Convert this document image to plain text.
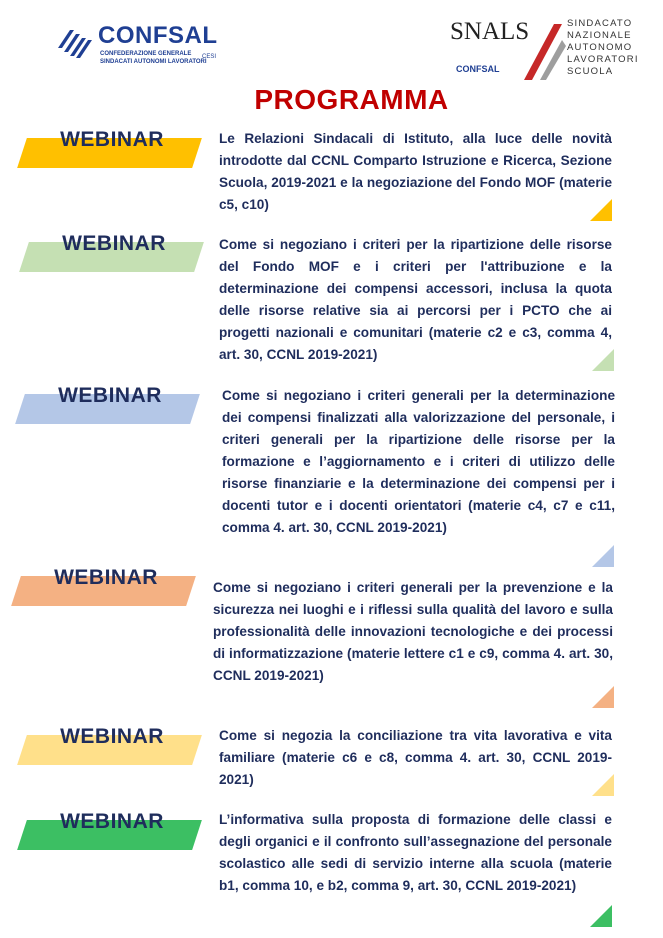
CONFSAL
CONFEDERAZIONE GENERALE
SINDACATI AUTONOMI LAVORATORI
CESI
SNALS	SINDACATO
NAZIONALE
AUTONOMO
LAVORATORI
SCUOLA
CONFSAL
PROGRAMMA
WEBINAR	Le Relazioni Sindacali di Istituto, alla luce delle novità introdotte dal CCNL Comparto Istruzione e Ricerca, Sezione Scuola, 2019-2021 e la negoziazione del Fondo MOF (materie c5, c10)

WEBINAR	Come si negoziano i criteri per la ripartizione delle risorse del Fondo MOF e i criteri per l'attribuzione e la determinazione dei compensi accessori, inclusa la quota delle risorse relative sia ai percorsi per i PCTO che ai progetti nazionali e comunitari (materie c2 e c3, comma 4, art. 30, CCNL 2019-2021)

WEBINAR	Come si negoziano i criteri generali per la determinazione dei compensi finalizzati alla valorizzazione del personale, i criteri generali per la ripartizione delle risorse per la formazione e l’aggiornamento e i criteri di utilizzo delle risorse finanziarie e la determinazione dei compensi per i docenti tutor e i docenti orientatori (materie c4, c7 e c11, comma 4. art. 30, CCNL 2019-2021)

WEBINAR	Come si negoziano i criteri generali per la prevenzione e la sicurezza nei luoghi e i riflessi sulla qualità del lavoro e sulla professionalità delle innovazioni tecnologiche e dei processi di informatizzazione (materie lettere c1 e c9, comma 4. art. 30, CCNL 2019-2021)

WEBINAR	Come si negozia la conciliazione tra vita lavorativa e vita familiare (materie c6 e c8, comma 4. art. 30, CCNL 2019-2021)

WEBINAR	L’informativa sulla proposta di formazione delle classi e degli organici e il confronto sull’assegnazione del personale scolastico alle sedi di servizio interne alla scuola (materie b1, comma 10, e b2, comma 9, art. 30, CCNL 2019-2021)
